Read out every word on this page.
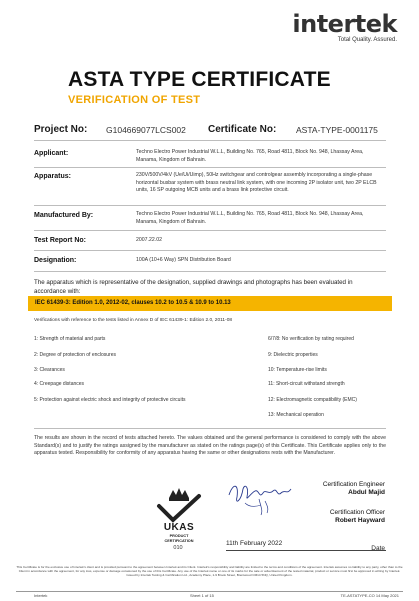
intertek
Total Quality. Assured.
ASTA TYPE CERTIFICATE
VERIFICATION OF TEST
Project No: G104669077LCS002 Certificate No: ASTA-TYPE-0001175
Applicant:	Techno Electro Power Industrial W.L.L, Building No. 765, Road 4811, Block No. 948, Lhassay Area, Manama, Kingdom of Bahrain.
Apparatus:	230V/500V/4kV (Ue/Ui/Uimp), 50Hz switchgear and controlgear assembly incorporating a single-phase horizontal busbar system with brass neutral link system, with one incoming 2P isolator unit, two 2P ELCB units, 16 SP outgoing MCB units and a brass link protective circuit.
Manufactured By:	Techno Electro Power Industrial W.L.L, Building No. 765, Road 4811, Block No. 948, Lhassay Area, Manama, Kingdom of Bahrain.
Test Report No:	2007.22.02
Designation:	100A (10+6 Way) SPN Distribution Board
The apparatus which is representative of the designation, supplied drawings and photographs has been evaluated in accordance with:
IEC 61439-3: Edition 1.0, 2012-02, clauses 10.2 to 10.5 & 10.9 to 10.13
Verifications with reference to the tests listed in Annex D of IEC 61439-1: Edition 2.0, 2011-08
1: Strength of material and parts
2: Degree of protection of enclosures
3: Clearances
4: Creepage distances
5: Protection against electric shock and integrity of protective circuits
6/7/8: No verification by rating required
9: Dielectric properties
10: Temperature-rise limits
11: Short-circuit withstand strength
12: Electromagnetic compatibility (EMC)
13: Mechanical operation
The results are shown in the record of tests attached hereto. The values obtained and the general performance is considered to comply with the above Standard(s) and to justify the ratings assigned by the manufacturer as stated on the ratings page(s) of this Certificate. This Certificate applies only to the apparatus tested. Responsibility for conformity of any apparatus having the same or other designations rests with the Manufacturer.
Certification Engineer
Abdul Majid
Certification Officer
Robert Hayward
UKAS
PRODUCT
CERTIFICATION
010
11th February 2022
Date
This Certificate is for the exclusive use of Intertek's client and is provided pursuant to the agreement between Intertek and its Client. Intertek's responsibility and liability are limited to the terms and conditions of the agreement. Intertek assumes no liability to any party, other than to the Client in accordance with the agreement, for any loss, expense or damage occasioned by the use of this Certificate. Any use of the Intertek name or one of its marks for the sale or advertisement of the tested material, product or service must first be approved in writing by Intertek. Issued by Intertek Testing & Certification Ltd., Academy Place, 1-9 Brook Street, Brentwood CM14 5NQ, United Kingdom.
Intertek	Sheet 1 of 15	TE-ASTATYPE-CO 14 May 2021
